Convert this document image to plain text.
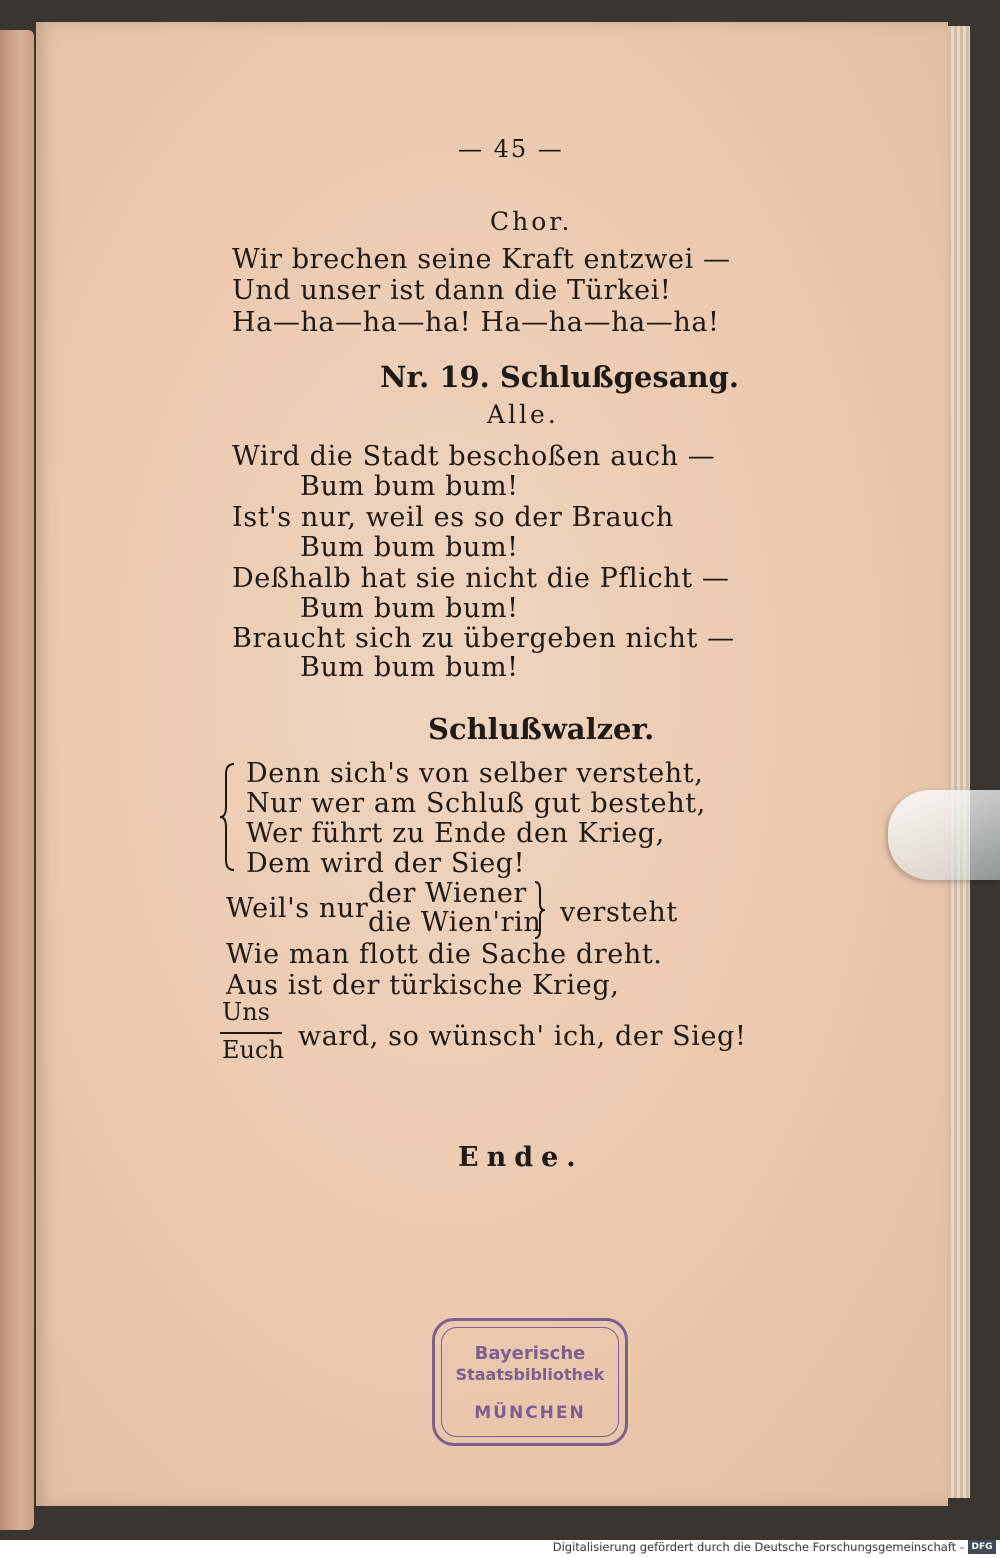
— 45 —
Chor.
Wir brechen seine Kraft entzwei —
Und unser ist dann die Türkei!
Ha—ha—ha—ha! Ha—ha—ha—ha!
Nr. 19. Schlußgesang.
Alle.
Wird die Stadt beschoßen auch —
Bum bum bum!
Ist's nur, weil es so der Brauch
Bum bum bum!
Deßhalb hat sie nicht die Pflicht —
Bum bum bum!
Braucht sich zu übergeben nicht —
Bum bum bum!
Schlußwalzer.
Denn sich's von selber versteht,
Nur wer am Schluß gut besteht,
Wer führt zu Ende den Krieg,
Dem wird der Sieg!
Weil's nur der Wiener
die Wien'rin versteht
Wie man flott die Sache dreht.
Aus ist der türkische Krieg,
Uns
Euch ward, so wünsch' ich, der Sieg!
Ende.
Bayerische
Staatsbibliothek
MÜNCHEN
Digitalisierung gefördert durch die Deutsche Forschungsgemeinschaft - DFG
